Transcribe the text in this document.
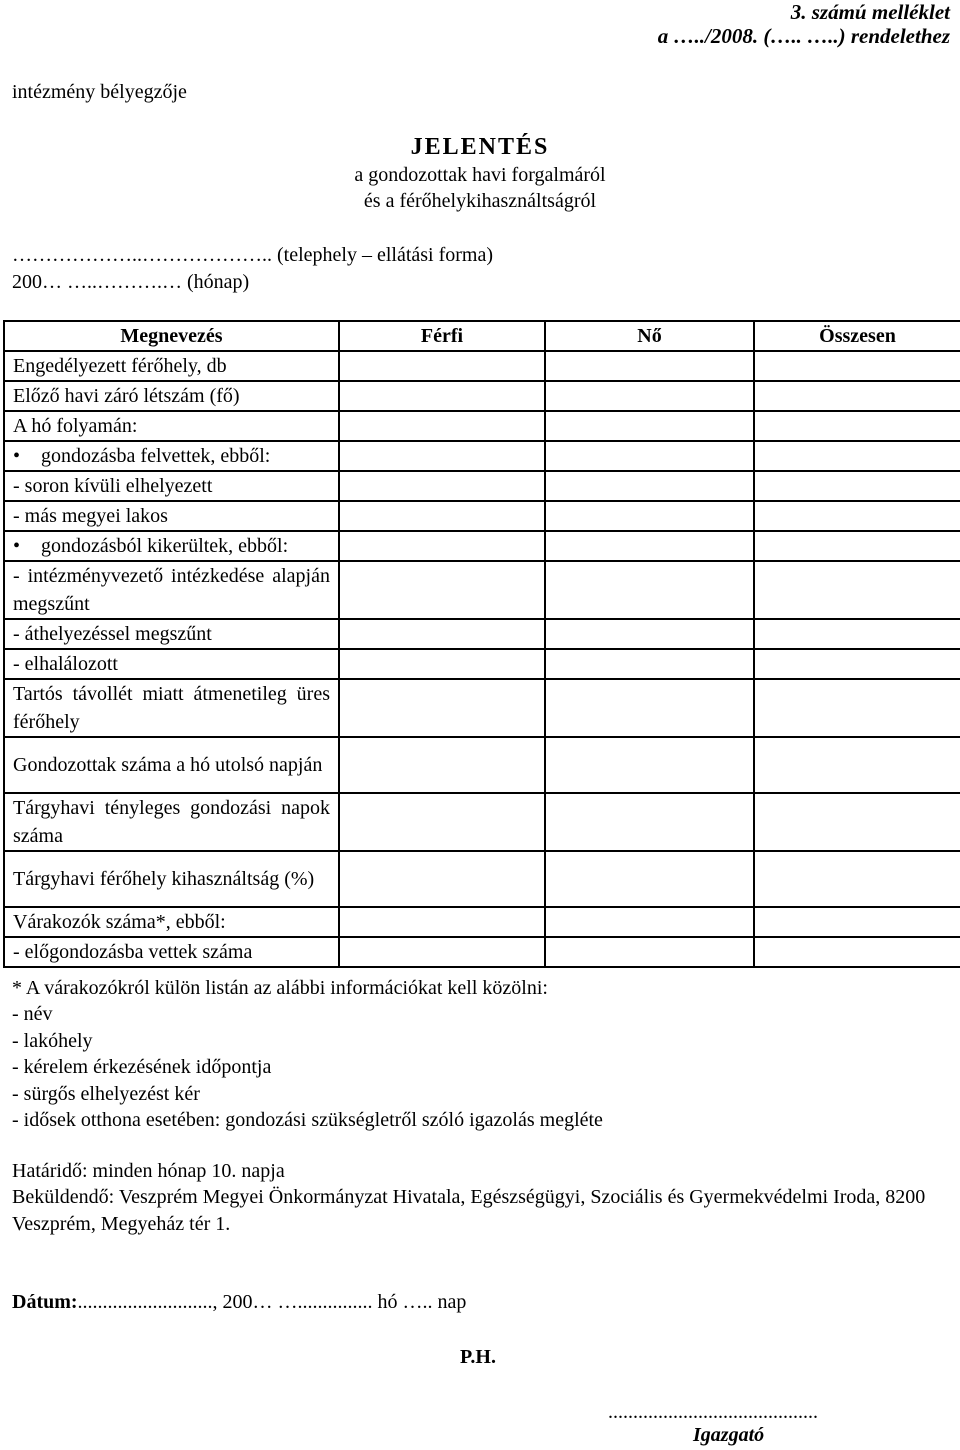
3. számú melléklet
a …../2008. (….. …..) rendelethez
intézmény bélyegzője
JELENTÉS
a gondozottak havi forgalmáról
és a férőhelykihasználtságról
………………..……………….. (telephely – ellátási forma)
200… …..……….… (hónap)
Megnevezés	Férfi	Nő	Összesen
Engedélyezett férőhely, db			
Előző havi záró létszám (fő)			
A hó folyamán:			
• gondozásba felvettek, ebből:			
- soron kívüli elhelyezett			
- más megyei lakos			
• gondozásból kikerültek, ebből:			
- intézményvezető intézkedése alapján megszűnt			
- áthelyezéssel megszűnt			
- elhalálozott			
Tartós távollét miatt átmenetileg üres férőhely			
Gondozottak száma a hó utolsó napján			
Tárgyhavi tényleges gondozási napok száma			
Tárgyhavi férőhely kihasználtság (%)			
Várakozók száma*, ebből:			
- előgondozásba vettek száma			
* A várakozókról külön listán az alábbi információkat kell közölni:
- név
- lakóhely
- kérelem érkezésének időpontja
- sürgős elhelyezést kér
- idősek otthona esetében: gondozási szükségletről szóló igazolás megléte
Határidő: minden hónap 10. napja
Beküldendő: Veszprém Megyei Önkormányzat Hivatala, Egészségügyi, Szociális és Gyermekvédelmi Iroda, 8200 Veszprém, Megyeház tér 1.
Dátum:..........................., 200… …............... hó ….. nap
P.H.
..........................................
Igazgató
